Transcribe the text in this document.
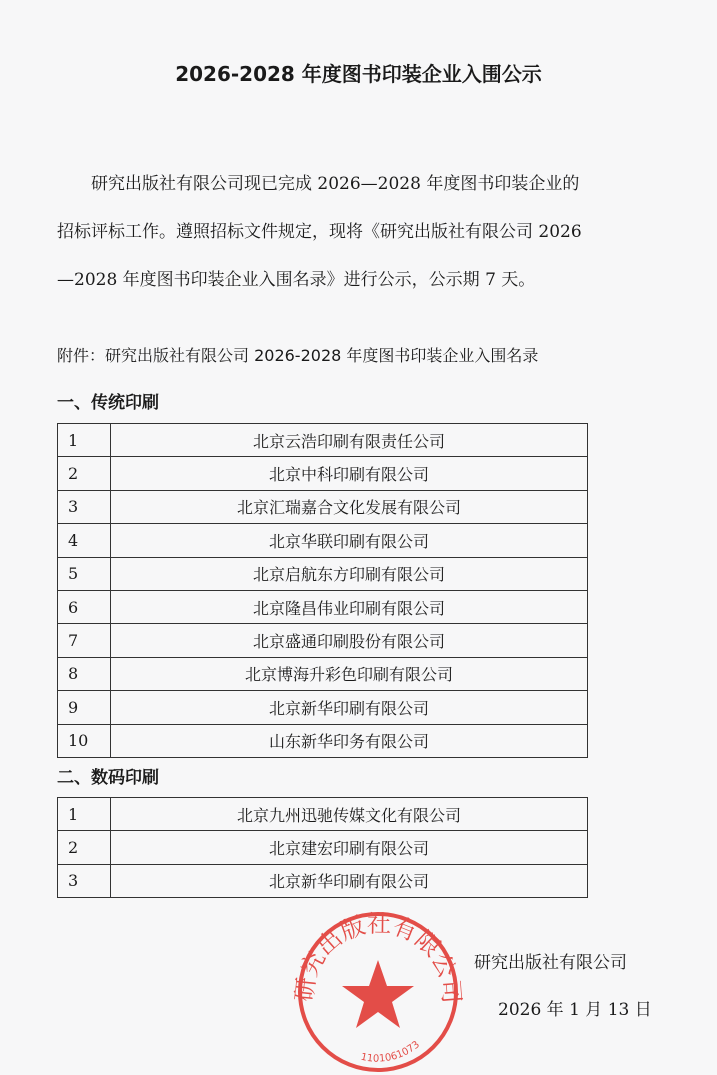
2026-2028 年度图书印装企业入围公示

　　研究出版社有限公司现已完成 2026—2028 年度图书印装企业的

招标评标工作。遵照招标文件规定，现将《研究出版社有限公司 2026

—2028 年度图书印装企业入围名录》进行公示，公示期 7 天。

附件：研究出版社有限公司 2026-2028 年度图书印装企业入围名录
一、传统印刷
1	北京云浩印刷有限责任公司
2	北京中科印刷有限公司
3	北京汇瑞嘉合文化发展有限公司
4	北京华联印刷有限公司
5	北京启航东方印刷有限公司
6	北京隆昌伟业印刷有限公司
7	北京盛通印刷股份有限公司
8	北京博海升彩色印刷有限公司
9	北京新华印刷有限公司
10	山东新华印务有限公司
二、数码印刷
1	北京九州迅驰传媒文化有限公司
2	北京建宏印刷有限公司
3	北京新华印刷有限公司
研究出版社有限公司
1101061073
研究出版社有限公司
2026 年 1 月 13 日
